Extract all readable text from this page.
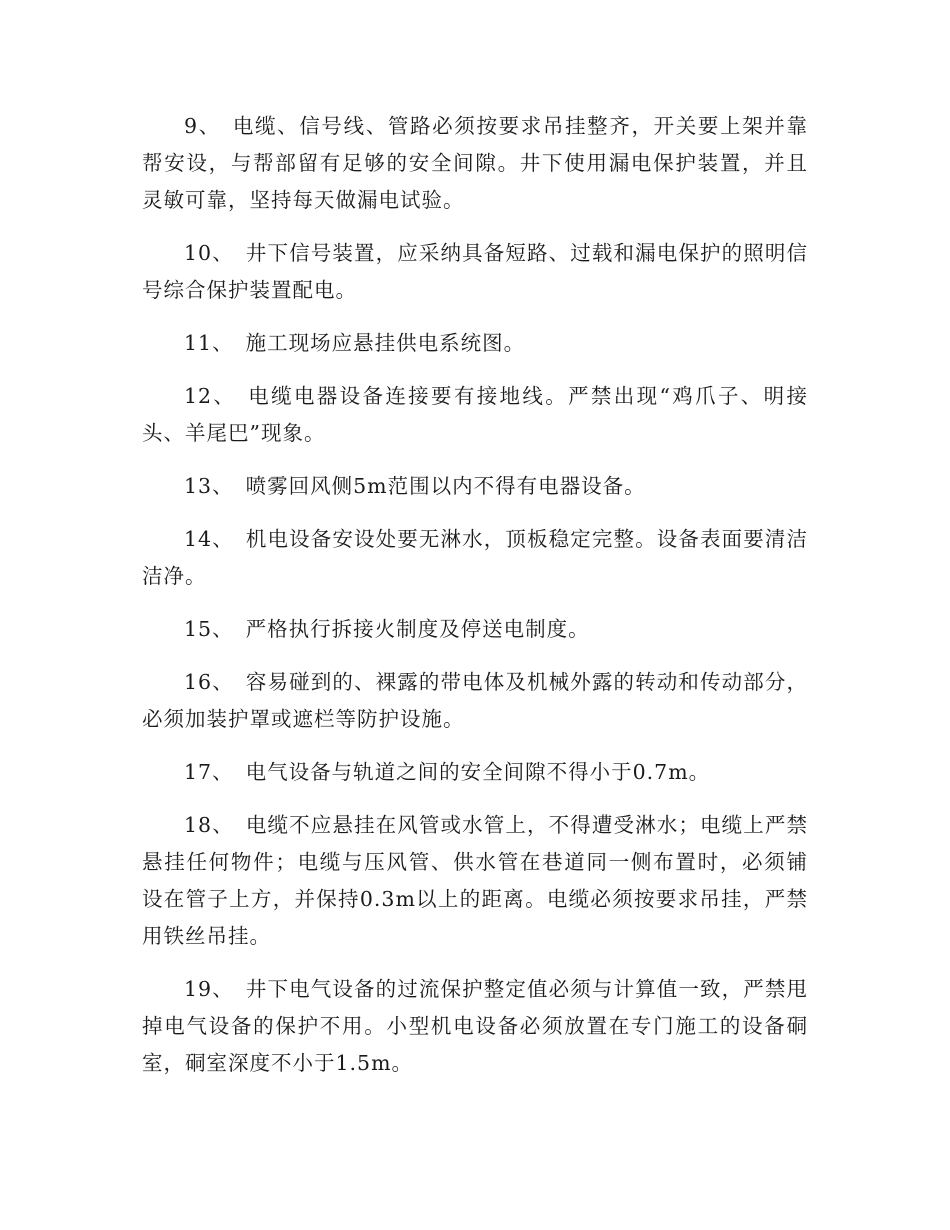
9、 电缆、信号线、管路必须按要求吊挂整齐，开关要上架并靠帮安设，与帮部留有足够的安全间隙。井下使用漏电保护装置，并且灵敏可靠，坚持每天做漏电试验。

10、 井下信号装置，应采纳具备短路、过载和漏电保护的照明信号综合保护装置配电。

11、 施工现场应悬挂供电系统图。

12、 电缆电器设备连接要有接地线。严禁出现“鸡爪子、明接头、羊尾巴”现象。

13、 喷雾回风侧5m范围以内不得有电器设备。

14、 机电设备安设处要无淋水，顶板稳定完整。设备表面要清洁洁净。

15、 严格执行拆接火制度及停送电制度。

16、 容易碰到的、裸露的带电体及机械外露的转动和传动部分，必须加装护罩或遮栏等防护设施。

17、 电气设备与轨道之间的安全间隙不得小于0.7m。

18、 电缆不应悬挂在风管或水管上，不得遭受淋水；电缆上严禁悬挂任何物件；电缆与压风管、供水管在巷道同一侧布置时，必须铺设在管子上方，并保持0.3m以上的距离。电缆必须按要求吊挂，严禁用铁丝吊挂。

19、 井下电气设备的过流保护整定值必须与计算值一致，严禁甩掉电气设备的保护不用。小型机电设备必须放置在专门施工的设备硐室，硐室深度不小于1.5m。
